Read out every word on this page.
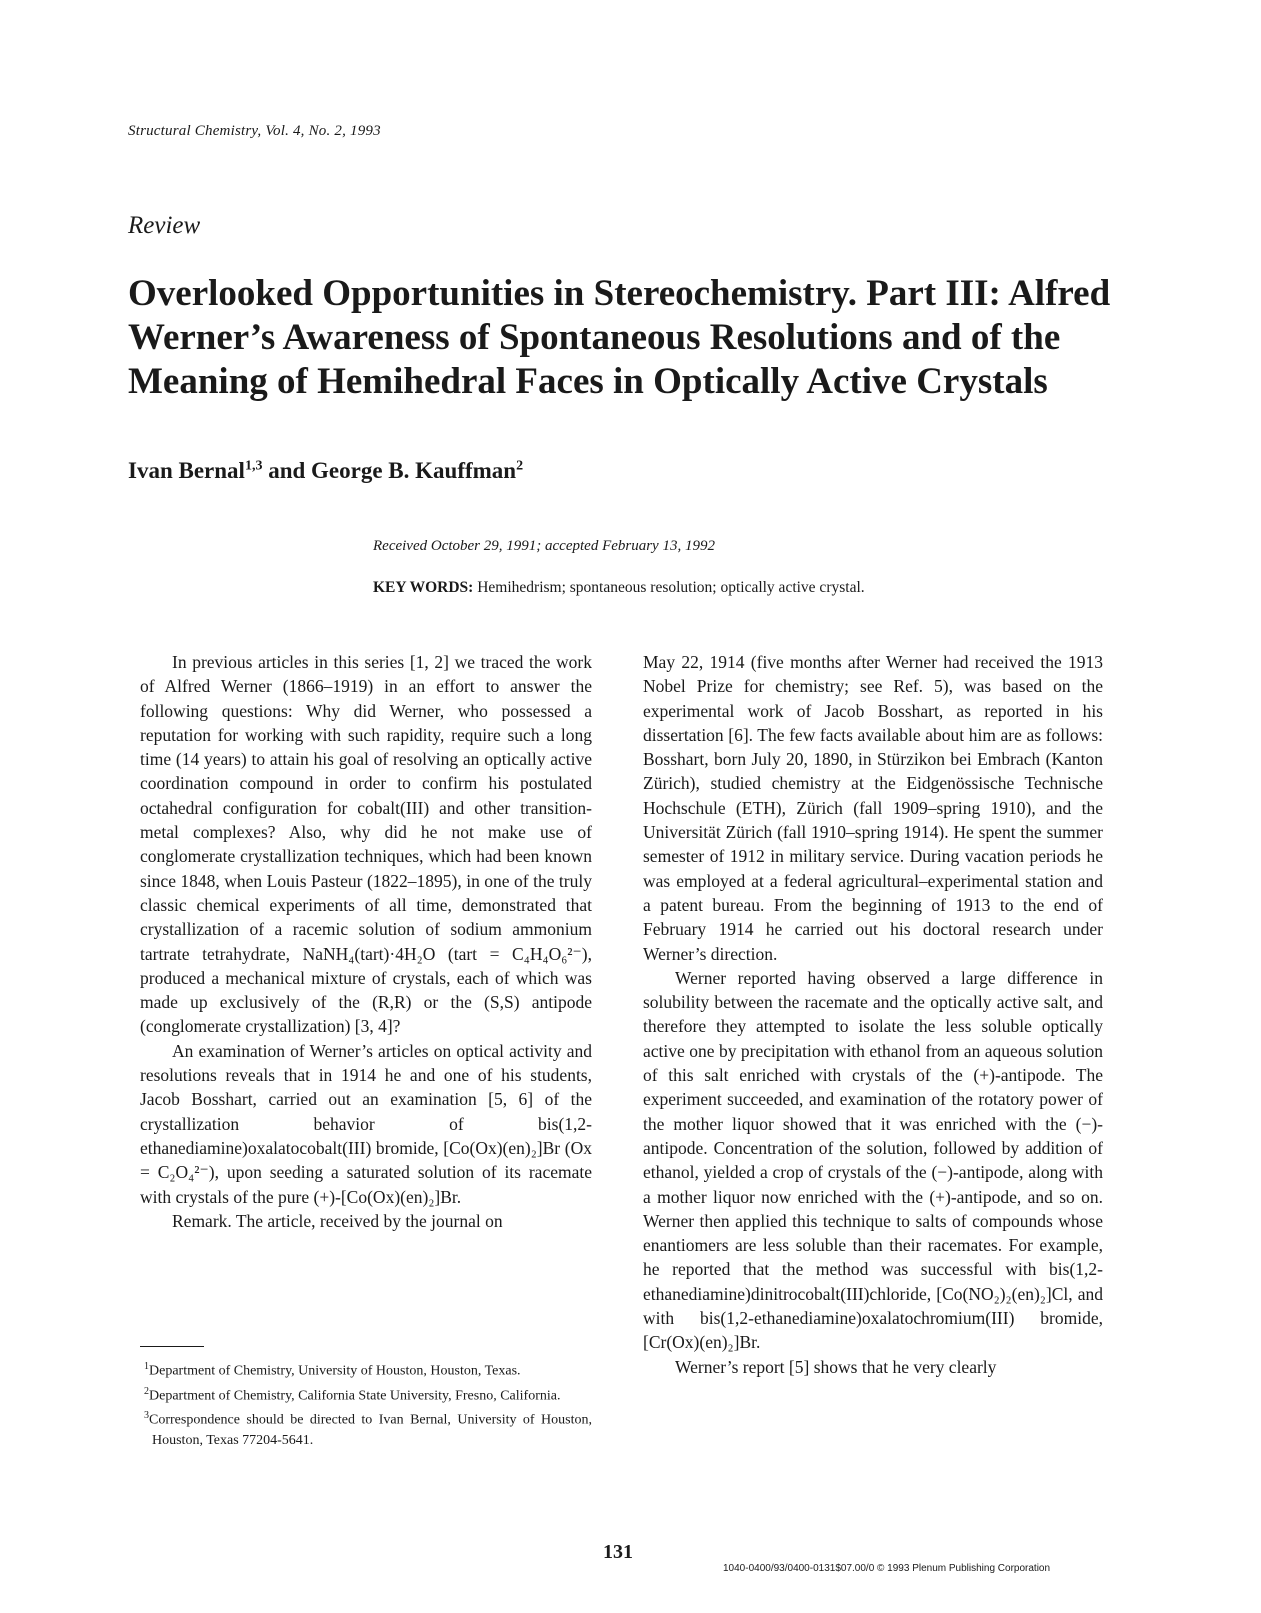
Structural Chemistry, Vol. 4, No. 2, 1993
Review
Overlooked Opportunities in Stereochemistry. Part III: Alfred
Werner’s Awareness of Spontaneous Resolutions and of the
Meaning of Hemihedral Faces in Optically Active Crystals
Ivan Bernal$^{1,3}$ and George B. Kauffman$^2$
Received October 29, 1991; accepted February 13, 1992
KEY WORDS: Hemihedrism; spontaneous resolution; optically active crystal.

In previous articles in this series [1, 2] we traced the work of Alfred Werner (1866–1919) in an effort to answer the following questions: Why did Werner, who possessed a reputation for working with such rapidity, require such a long time (14 years) to attain his goal of resolving an optically active coordination compound in order to confirm his postulated octahedral configuration for cobalt(III) and other transition-metal complexes? Also, why did he not make use of conglomerate crystallization techniques, which had been known since 1848, when Louis Pasteur (1822–1895), in one of the truly classic chemical experiments of all time, demonstrated that crystallization of a racemic solution of sodium ammonium tartrate tetrahydrate, NaNH₄(tart)·4H₂O (tart = C₄H₄O₆²⁻), produced a mechanical mixture of crystals, each of which was made up exclusively of the (R,R) or the (S,S) antipode (conglomerate crystallization) [3, 4]?

An examination of Werner’s articles on optical activity and resolutions reveals that in 1914 he and one of his students, Jacob Bosshart, carried out an examination [5, 6] of the crystallization behavior of bis(1,2-ethanediamine)oxalatocobalt(III) bromide, [Co(Ox)(en)₂]Br (Ox = C₂O₄²⁻), upon seeding a saturated solution of its racemate with crystals of the pure (+)-[Co(Ox)(en)₂]Br.

Remark. The article, received by the journal on

May 22, 1914 (five months after Werner had received the 1913 Nobel Prize for chemistry; see Ref. 5), was based on the experimental work of Jacob Bosshart, as reported in his dissertation [6]. The few facts available about him are as follows: Bosshart, born July 20, 1890, in Stürzikon bei Embrach (Kanton Zürich), studied chemistry at the Eidgenössische Technische Hochschule (ETH), Zürich (fall 1909–spring 1910), and the Universität Zürich (fall 1910–spring 1914). He spent the summer semester of 1912 in military service. During vacation periods he was employed at a federal agricultural–experimental station and a patent bureau. From the beginning of 1913 to the end of February 1914 he carried out his doctoral research under Werner’s direction.

Werner reported having observed a large difference in solubility between the racemate and the optically active salt, and therefore they attempted to isolate the less soluble optically active one by precipitation with ethanol from an aqueous solution of this salt enriched with crystals of the (+)-antipode. The experiment succeeded, and examination of the rotatory power of the mother liquor showed that it was enriched with the (−)-antipode. Concentration of the solution, followed by addition of ethanol, yielded a crop of crystals of the (−)-antipode, along with a mother liquor now enriched with the (+)-antipode, and so on. Werner then applied this technique to salts of compounds whose enantiomers are less soluble than their racemates. For example, he reported that the method was successful with bis(1,2-ethanediamine)dinitrocobalt(III)chloride, [Co(NO₂)₂(en)₂]Cl, and with bis(1,2-ethanediamine)oxalatochromium(III) bromide, [Cr(Ox)(en)₂]Br.

Werner’s report [5] shows that he very clearly

$^1$Department of Chemistry, University of Houston, Houston, Texas.

$^2$Department of Chemistry, California State University, Fresno, California.

$^3$Correspondence should be directed to Ivan Bernal, University of Houston, Houston, Texas 77204-5641.

131
1040-0400/93/0400-0131$07.00/0 © 1993 Plenum Publishing Corporation
